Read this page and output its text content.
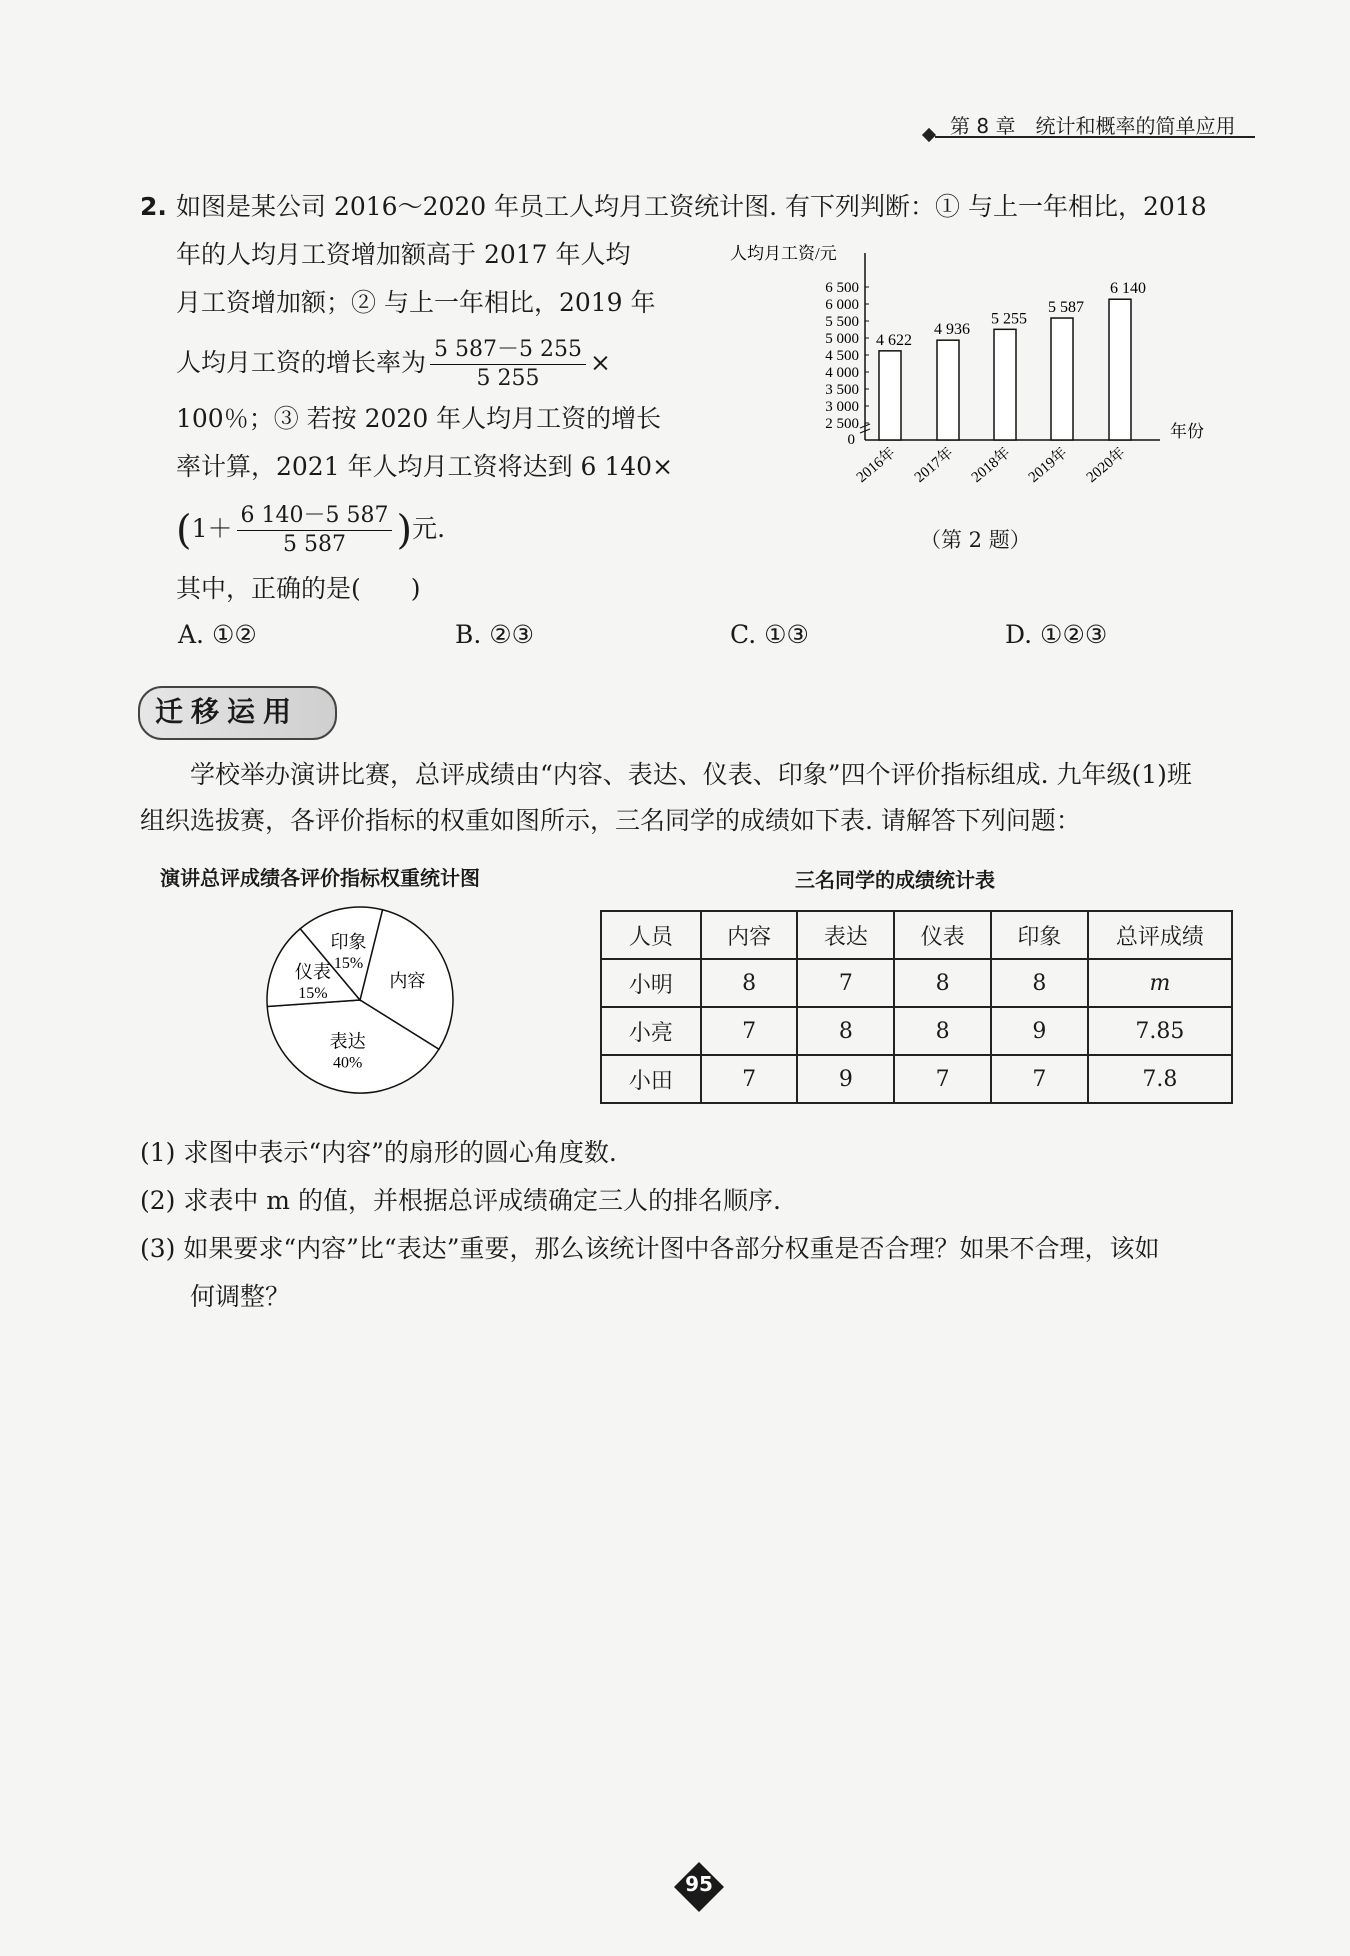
第 8 章　统计和概率的简单应用
2. 如图是某公司 2016～2020 年员工人均月工资统计图. 有下列判断：① 与上一年相比，2018
年的人均月工资增加额高于 2017 年人均
月工资增加额；② 与上一年相比，2019 年
人均月工资的增长率为 $\frac{5 587-5 255}{5 255}$ ×
100％；③ 若按 2020 年人均月工资的增长
率计算，2021 年人均月工资将达到 6 140×
($1+ \frac{6 140-5 587}{5 587}$ )元.
其中，正确的是(　　)
A. ①②	B. ②③	C. ①③	D. ①②③
人均月工资/元
6 500
6 000
5 500
5 000
4 500
4 000
3 500
3 000
2 500
0
4 622
2016年
4 936
2017年
5 255
2018年
5 587
2019年
6 140
2020年
年份
（第 2 题）
迁移运用
学校举办演讲比赛，总评成绩由“内容、表达、仪表、印象”四个评价指标组成. 九年级(1)班
组织选拔赛，各评价指标的权重如图所示，三名同学的成绩如下表. 请解答下列问题：
演讲总评成绩各评价指标权重统计图
内容
表达
40%
仪表
15%
印象
15%
三名同学的成绩统计表
人员	内容	表达	仪表	印象	总评成绩
小明	8	7	8	8	m
小亮	7	8	8	9	7.85
小田	7	9	7	7	7.8
(1) 求图中表示“内容”的扇形的圆心角度数.
(2) 求表中 m 的值，并根据总评成绩确定三人的排名顺序.
(3) 如果要求“内容”比“表达”重要，那么该统计图中各部分权重是否合理？如果不合理，该如
何调整？
95
